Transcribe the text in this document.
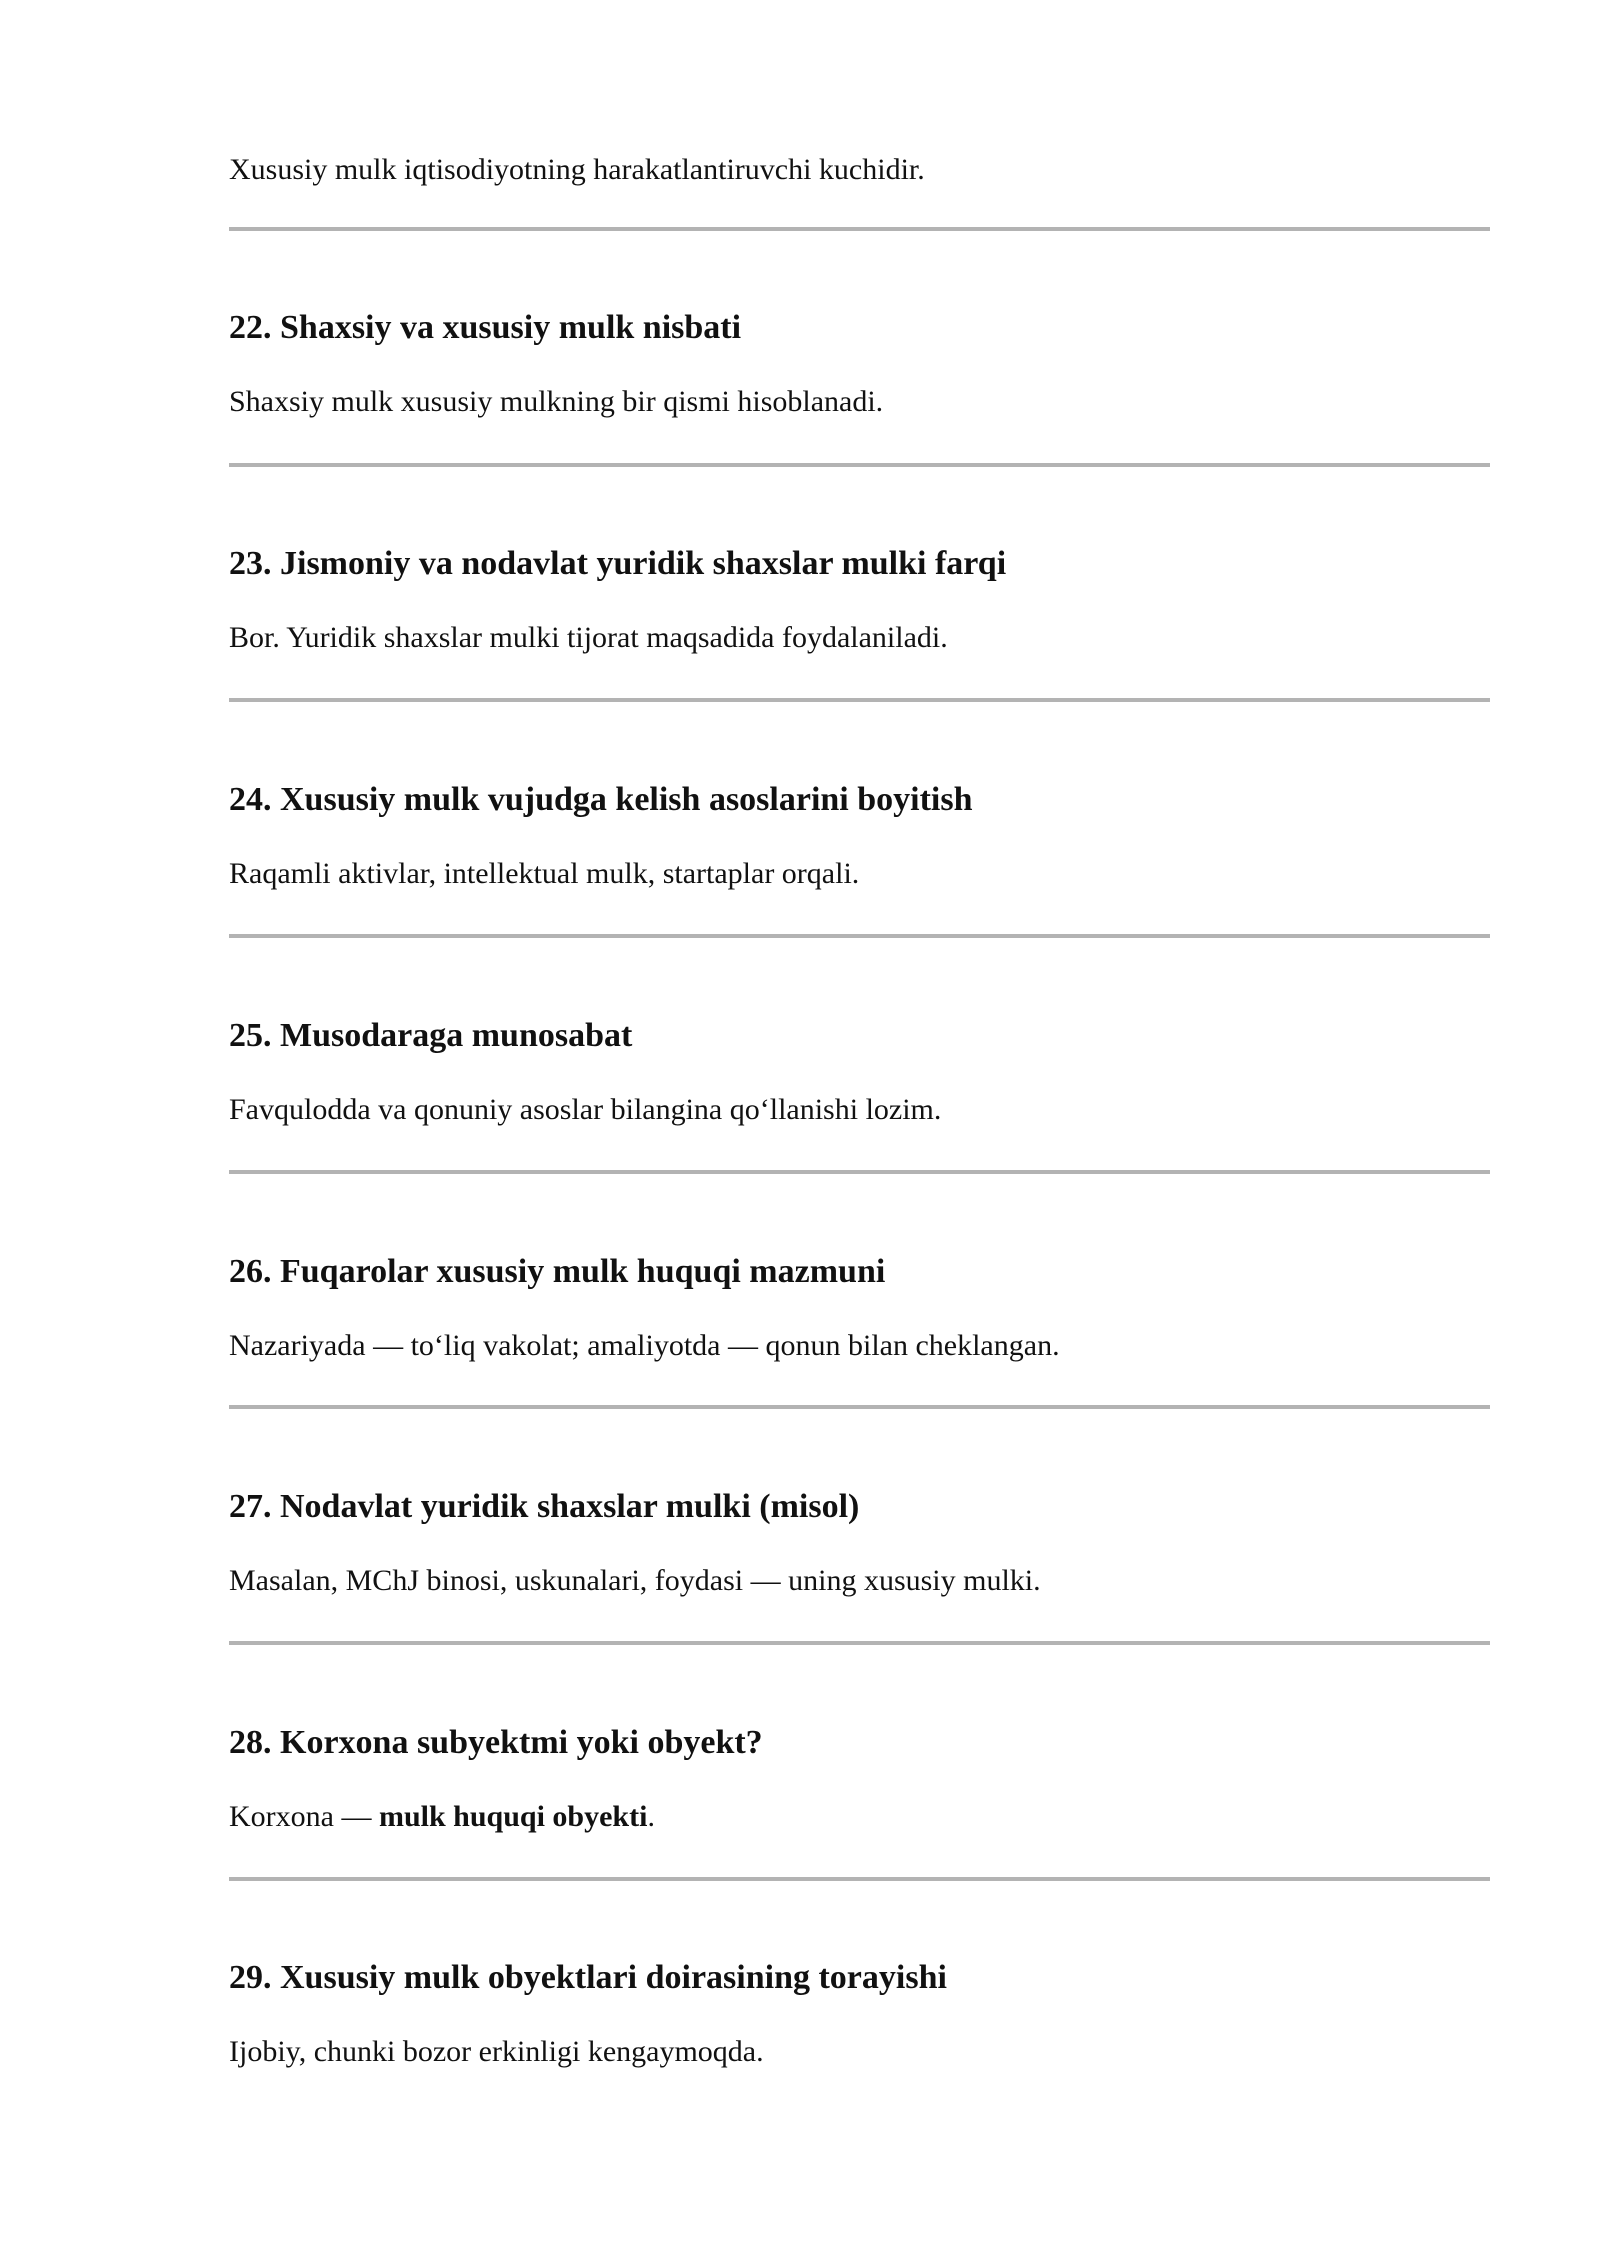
Xususiy mulk iqtisodiyotning harakatlantiruvchi kuchidir.

22. Shaxsiy va xususiy mulk nisbati

Shaxsiy mulk xususiy mulkning bir qismi hisoblanadi.

23. Jismoniy va nodavlat yuridik shaxslar mulki farqi

Bor. Yuridik shaxslar mulki tijorat maqsadida foydalaniladi.

24. Xususiy mulk vujudga kelish asoslarini boyitish

Raqamli aktivlar, intellektual mulk, startaplar orqali.

25. Musodaraga munosabat

Favqulodda va qonuniy asoslar bilangina qo‘llanishi lozim.

26. Fuqarolar xususiy mulk huquqi mazmuni

Nazariyada — to‘liq vakolat; amaliyotda — qonun bilan cheklangan.

27. Nodavlat yuridik shaxslar mulki (misol)

Masalan, MChJ binosi, uskunalari, foydasi — uning xususiy mulki.

28. Korxona subyektmi yoki obyekt?

Korxona — mulk huquqi obyekti.

29. Xususiy mulk obyektlari doirasining torayishi

Ijobiy, chunki bozor erkinligi kengaymoqda.
